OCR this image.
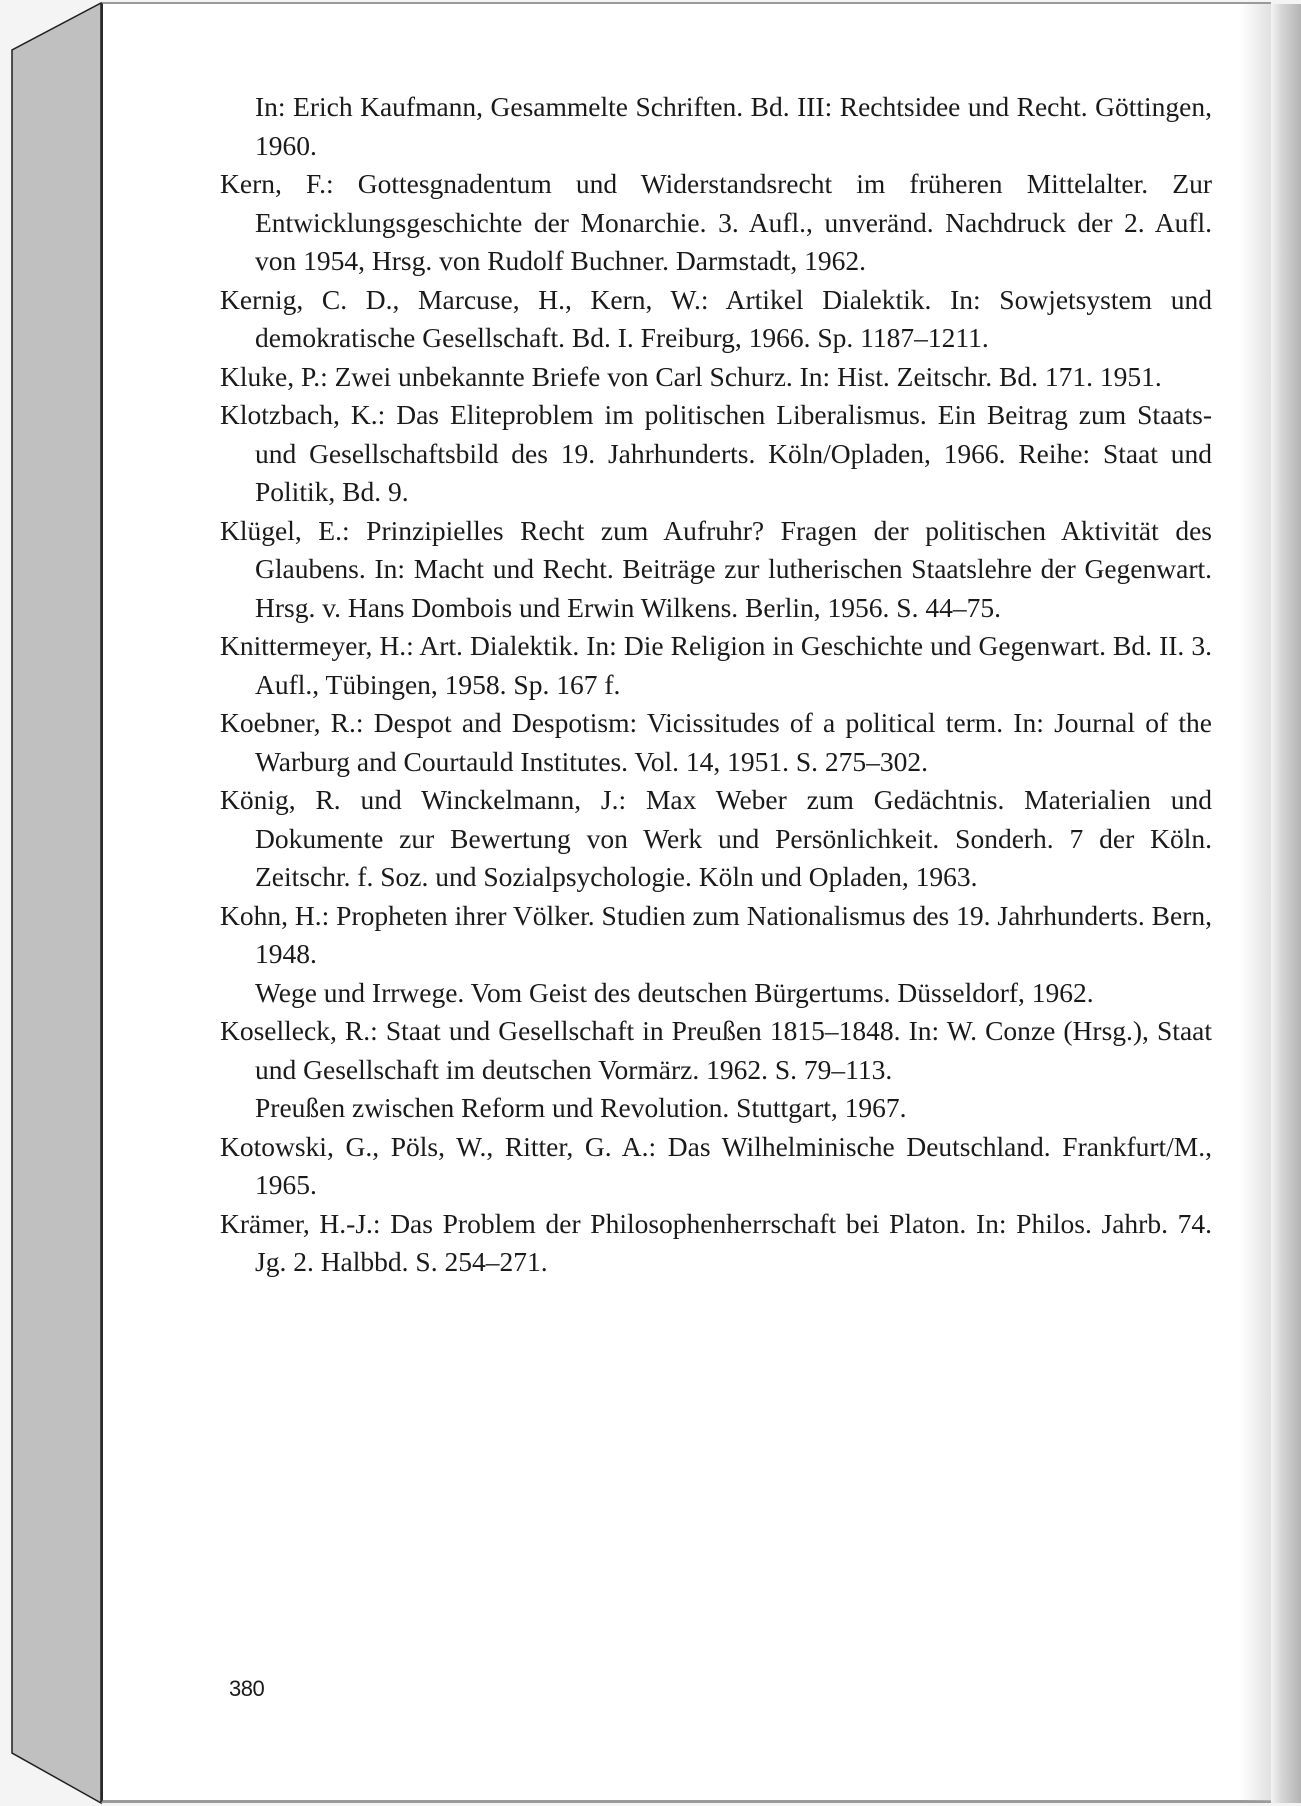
In: Erich Kaufmann, Gesammelte Schriften. Bd. III: Rechtsidee und Recht. Göttingen, 1960.
Kern, F.: Gottesgnadentum und Widerstandsrecht im früheren Mittelalter. Zur Entwicklungsgeschichte der Monarchie. 3. Aufl., unveränd. Nachdruck der 2. Aufl. von 1954, Hrsg. von Rudolf Buchner. Darmstadt, 1962.
Kernig, C. D., Marcuse, H., Kern, W.: Artikel Dialektik. In: Sowjetsystem und demokratische Gesellschaft. Bd. I. Freiburg, 1966. Sp. 1187–1211.
Kluke, P.: Zwei unbekannte Briefe von Carl Schurz. In: Hist. Zeitschr. Bd. 171. 1951.
Klotzbach, K.: Das Eliteproblem im politischen Liberalismus. Ein Beitrag zum Staats- und Gesellschaftsbild des 19. Jahrhunderts. Köln/Opladen, 1966. Reihe: Staat und Politik, Bd. 9.
Klügel, E.: Prinzipielles Recht zum Aufruhr? Fragen der politischen Aktivität des Glaubens. In: Macht und Recht. Beiträge zur lutherischen Staatslehre der Gegenwart. Hrsg. v. Hans Dombois und Erwin Wilkens. Berlin, 1956. S. 44–75.
Knittermeyer, H.: Art. Dialektik. In: Die Religion in Geschichte und Gegenwart. Bd. II. 3. Aufl., Tübingen, 1958. Sp. 167 f.
Koebner, R.: Despot and Despotism: Vicissitudes of a political term. In: Journal of the Warburg and Courtauld Institutes. Vol. 14, 1951. S. 275–302.
König, R. und Winckelmann, J.: Max Weber zum Gedächtnis. Materialien und Dokumente zur Bewertung von Werk und Persönlichkeit. Sonderh. 7 der Köln. Zeitschr. f. Soz. und Sozialpsychologie. Köln und Opladen, 1963.
Kohn, H.: Propheten ihrer Völker. Studien zum Nationalismus des 19. Jahrhunderts. Bern, 1948.
Wege und Irrwege. Vom Geist des deutschen Bürgertums. Düsseldorf, 1962.
Koselleck, R.: Staat und Gesellschaft in Preußen 1815–1848. In: W. Conze (Hrsg.), Staat und Gesellschaft im deutschen Vormärz. 1962. S. 79–113.
Preußen zwischen Reform und Revolution. Stuttgart, 1967.
Kotowski, G., Pöls, W., Ritter, G. A.: Das Wilhelminische Deutschland. Frankfurt/M., 1965.
Krämer, H.-J.: Das Problem der Philosophenherrschaft bei Platon. In: Philos. Jahrb. 74. Jg. 2. Halbbd. S. 254–271.
380
